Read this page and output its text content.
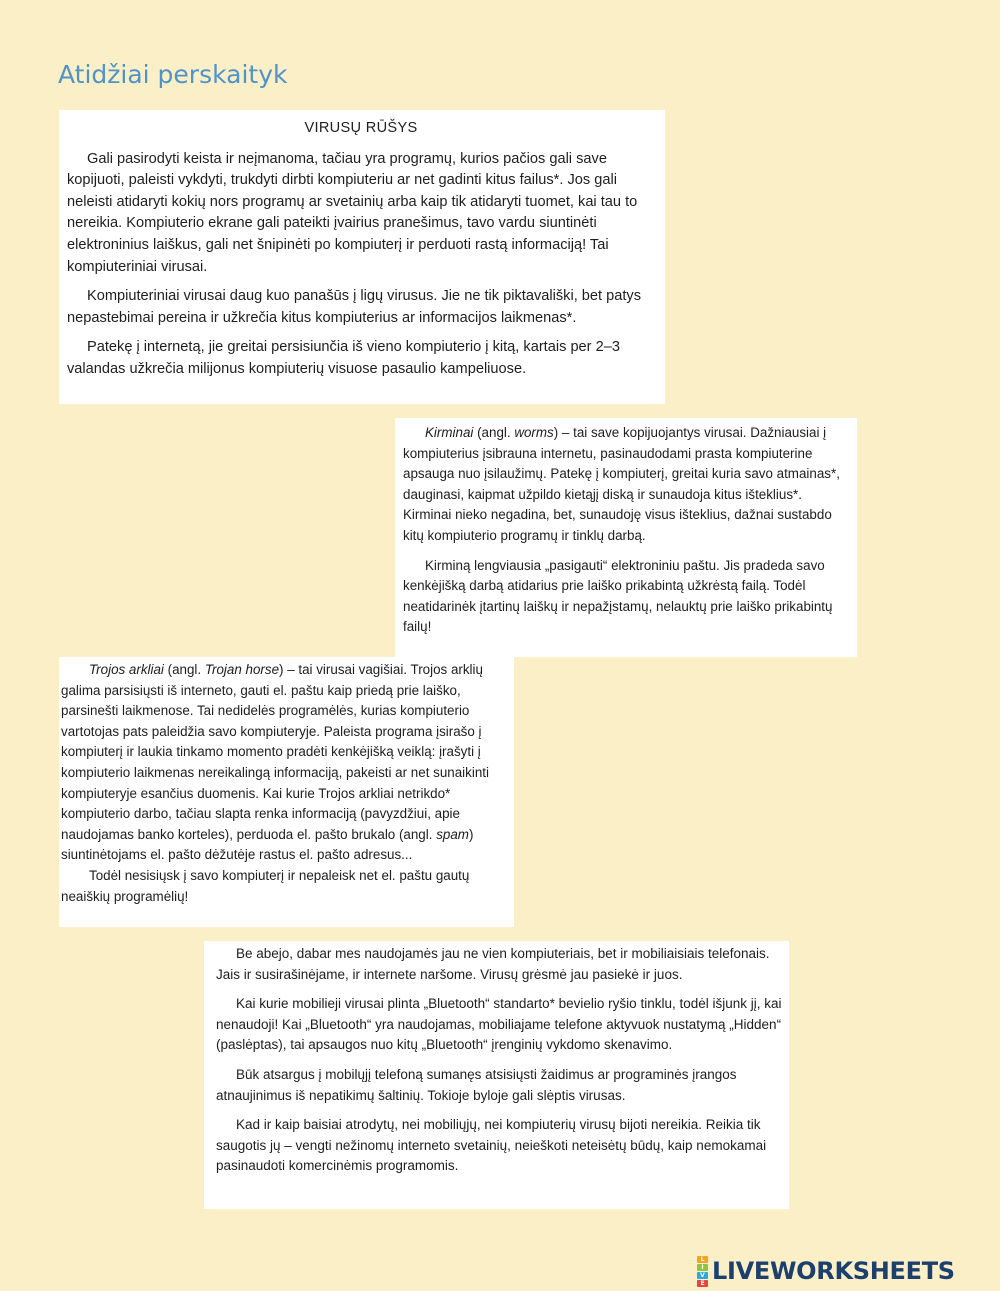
Atidžiai perskaityk
VIRUSŲ RŪŠYS

Gali pasirodyti keista ir neįmanoma, tačiau yra programų, kurios pačios gali save kopijuoti, paleisti vykdyti, trukdyti dirbti kompiuteriu ar net gadinti kitus failus*. Jos gali neleisti atidaryti kokių nors programų ar svetainių arba kaip tik atidaryti tuomet, kai tau to nereikia. Kompiuterio ekrane gali pateikti įvairius pranešimus, tavo vardu siuntinėti elektroninius laiškus, gali net šnipinėti po kompiuterį ir perduoti rastą informaciją! Tai kompiuteriniai virusai.

Kompiuteriniai virusai daug kuo panašūs į ligų virusus. Jie ne tik piktavališki, bet patys nepastebimai pereina ir užkrečia kitus kompiuterius ar informacijos laikmenas*.

Patekę į internetą, jie greitai persisiunčia iš vieno kompiuterio į kitą, kartais per 2–3 valandas užkrečia milijonus kompiuterių visuose pasaulio kampeliuose.

Kirminai (angl. worms) – tai save kopijuojantys virusai. Dažniausiai į kompiuterius įsibrauna internetu, pasinaudodami prasta kompiuterine apsauga nuo įsilaužimų. Patekę į kompiuterį, greitai kuria savo atmainas*, dauginasi, kaipmat užpildo kietąjį diską ir sunaudoja kitus išteklius*. Kirminai nieko negadina, bet, sunaudoję visus išteklius, dažnai sustabdo kitų kompiuterio programų ir tinklų darbą.

Kirminą lengviausia „pasigauti“ elektroniniu paštu. Jis pradeda savo kenkėjišką darbą atidarius prie laiško prikabintą užkrėstą failą. Todėl neatidarinėk įtartinų laiškų ir nepažįstamų, nelauktų prie laiško prikabintų failų!

Trojos arkliai (angl. Trojan horse) – tai virusai vagišiai. Trojos arklių galima parsisiųsti iš interneto, gauti el. paštu kaip priedą prie laiško, parsinešti laikmenose. Tai nedidelės programėlės, kurias kompiuterio vartotojas pats paleidžia savo kompiuteryje. Paleista programa įsirašo į kompiuterį ir laukia tinkamo momento pradėti kenkėjišką veiklą: įrašyti į kompiuterio laikmenas nereikalingą informaciją, pakeisti ar net sunaikinti kompiuteryje esančius duomenis. Kai kurie Trojos arkliai netrikdo* kompiuterio darbo, tačiau slapta renka informaciją (pavyzdžiui, apie naudojamas banko korteles), perduoda el. pašto brukalo (angl. spam) siuntinėtojams el. pašto dėžutėje rastus el. pašto adresus...

Todėl nesisiųsk į savo kompiuterį ir nepaleisk net el. paštu gautų neaiškių programėlių!

Be abejo, dabar mes naudojamės jau ne vien kompiuteriais, bet ir mobiliaisiais telefonais. Jais ir susirašinėjame, ir internete naršome. Virusų grėsmė jau pasiekė ir juos.

Kai kurie mobilieji virusai plinta „Bluetooth“ standarto* bevielio ryšio tinklu, todėl išjunk jį, kai nenaudoji! Kai „Bluetooth“ yra naudojamas, mobiliajame telefone aktyvuok nustatymą „Hidden“ (paslėptas), tai apsaugos nuo kitų „Bluetooth“ įrenginių vykdomo skenavimo.

Būk atsargus į mobilųjį telefoną sumanęs atsisiųsti žaidimus ar programinės įrangos atnaujinimus iš nepatikimų šaltinių. Tokioje byloje gali slėptis virusas.

Kad ir kaip baisiai atrodytų, nei mobiliųjų, nei kompiuterių virusų bijoti nereikia. Reikia tik saugotis jų – vengti nežinomų interneto svetainių, neieškoti neteisėtų būdų, kaip nemokamai pasinaudoti komercinėmis programomis.

L
I
V
E LIVEWORKSHEETS
